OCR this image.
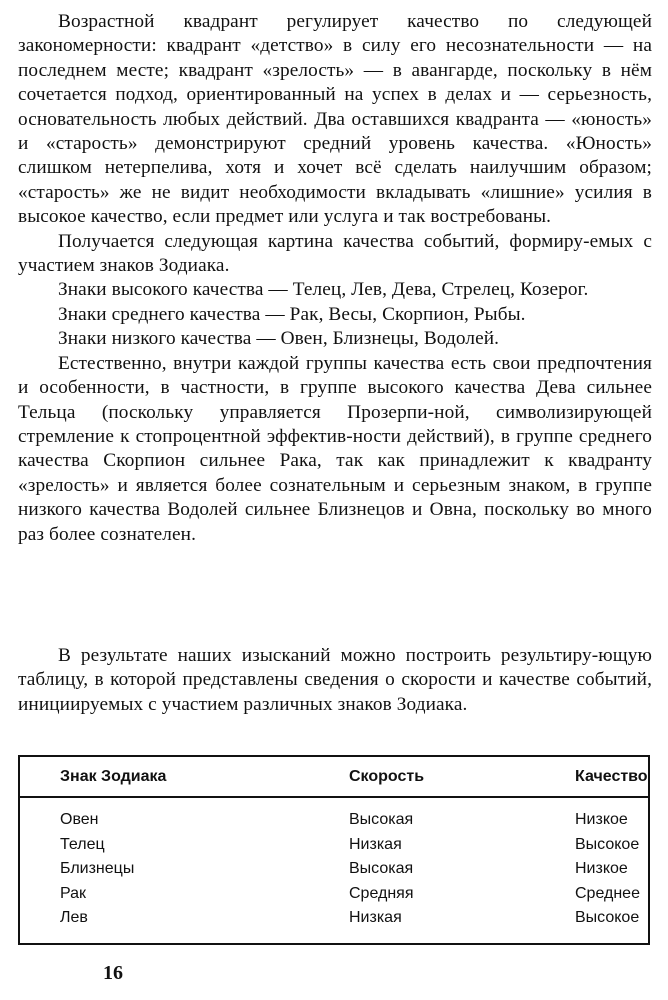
Возрастной квадрант регулирует качество по следующей закономерности: квадрант «детство» в силу его несознательности — на последнем месте; квадрант «зрелость» — в авангарде, поскольку в нём сочетается подход, ориентированный на успех в делах и — серьезность, основательность любых действий. Два оставшихся квадранта — «юность» и «старость» демонстрируют средний уровень качества. «Юность» слишком нетерпелива, хотя и хочет всё сделать наилучшим образом; «старость» же не видит необходимости вкладывать «лишние» усилия в высокое качество, если предмет или услуга и так востребованы.

Получается следующая картина качества событий, формиру-емых с участием знаков Зодиака.

Знаки высокого качества — Телец, Лев, Дева, Стрелец, Козерог.

Знаки среднего качества — Рак, Весы, Скорпион, Рыбы.

Знаки низкого качества — Овен, Близнецы, Водолей.

Естественно, внутри каждой группы качества есть свои предпочтения и особенности, в частности, в группе высокого качества Дева сильнее Тельца (поскольку управляется Прозерпи-ной, символизирующей стремление к стопроцентной эффектив-ности действий), в группе среднего качества Скорпион сильнее Рака, так как принадлежит к квадранту «зрелость» и является более сознательным и серьезным знаком, в группе низкого качества Водолей сильнее Близнецов и Овна, поскольку во много раз более сознателен.

В результате наших изысканий можно построить результиру-ющую таблицу, в которой представлены сведения о скорости и качестве событий, инициируемых с участием различных знаков Зодиака.

Знак Зодиака	Скорость	Качество
Овен	Высокая	Низкое
Телец	Низкая	Высокое
Близнецы	Высокая	Низкое
Рак	Средняя	Среднее
Лев	Низкая	Высокое
16
